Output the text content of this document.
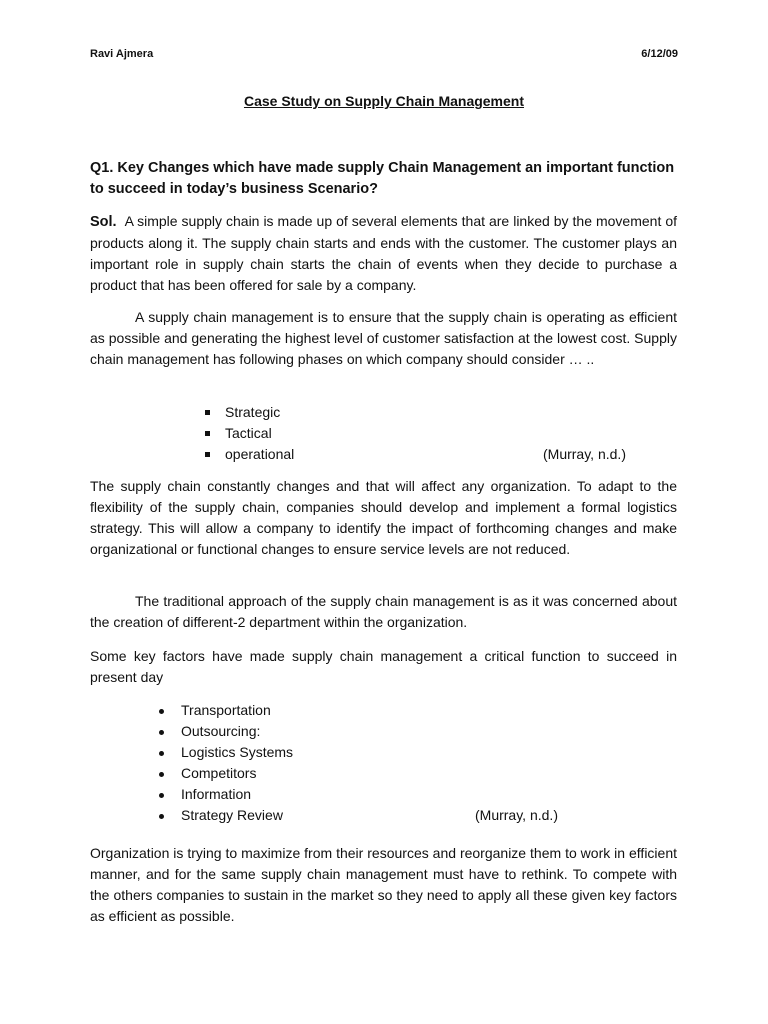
Ravi Ajmera	6/12/09
Case Study on Supply Chain Management
Q1. Key Changes which have made supply Chain Management an important function to succeed in today’s business Scenario?

Sol. A simple supply chain is made up of several elements that are linked by the movement of products along it. The supply chain starts and ends with the customer. The customer plays an important role in supply chain starts the chain of events when they decide to purchase a product that has been offered for sale by a company.

A supply chain management is to ensure that the supply chain is operating as efficient as possible and generating the highest level of customer satisfaction at the lowest cost. Supply chain management has following phases on which company should consider … ..

Strategic
Tactical
operational	(Murray, n.d.)

The supply chain constantly changes and that will affect any organization. To adapt to the flexibility of the supply chain, companies should develop and implement a formal logistics strategy. This will allow a company to identify the impact of forthcoming changes and make organizational or functional changes to ensure service levels are not reduced.

The traditional approach of the supply chain management is as it was concerned about the creation of different-2 department within the organization.

Some key factors have made supply chain management a critical function to succeed in present day

Transportation
Outsourcing:
Logistics Systems
Competitors
Information
Strategy Review	(Murray, n.d.)

Organization is trying to maximize from their resources and reorganize them to work in efficient manner, and for the same supply chain management must have to rethink. To compete with the others companies to sustain in the market so they need to apply all these given key factors as efficient as possible.
